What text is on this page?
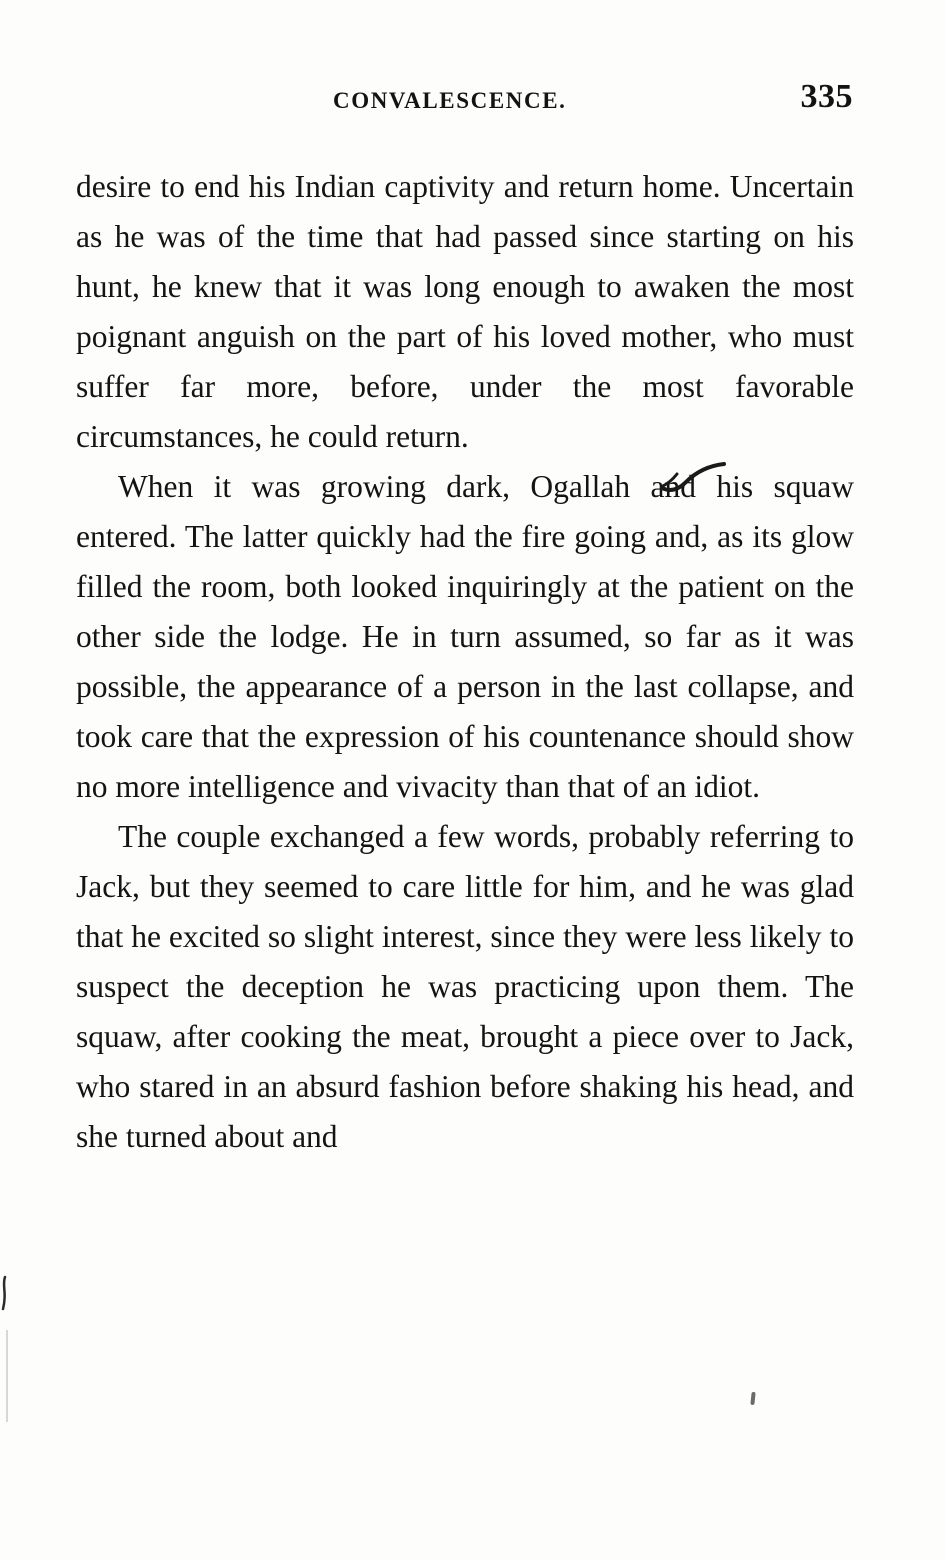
CONVALESCENCE.	335

desire to end his Indian captivity and return home. Uncertain as he was of the time that had passed since starting on his hunt, he knew that it was long enough to awaken the most poignant anguish on the part of his loved mother, who must suffer far more, before, under the most favorable circumstances, he could return.

When it was growing dark, Ogallah and his squaw entered. The latter quickly had the fire going and, as its glow filled the room, both looked inquiringly at the patient on the other side the lodge. He in turn assumed, so far as it was possible, the appearance of a person in the last collapse, and took care that the expression of his countenance should show no more intelligence and vivacity than that of an idiot.

The couple exchanged a few words, probably referring to Jack, but they seemed to care little for him, and he was glad that he excited so slight interest, since they were less likely to suspect the deception he was practicing upon them. The squaw, after cooking the meat, brought a piece over to Jack, who stared in an absurd fashion before shaking his head, and she turned about and
